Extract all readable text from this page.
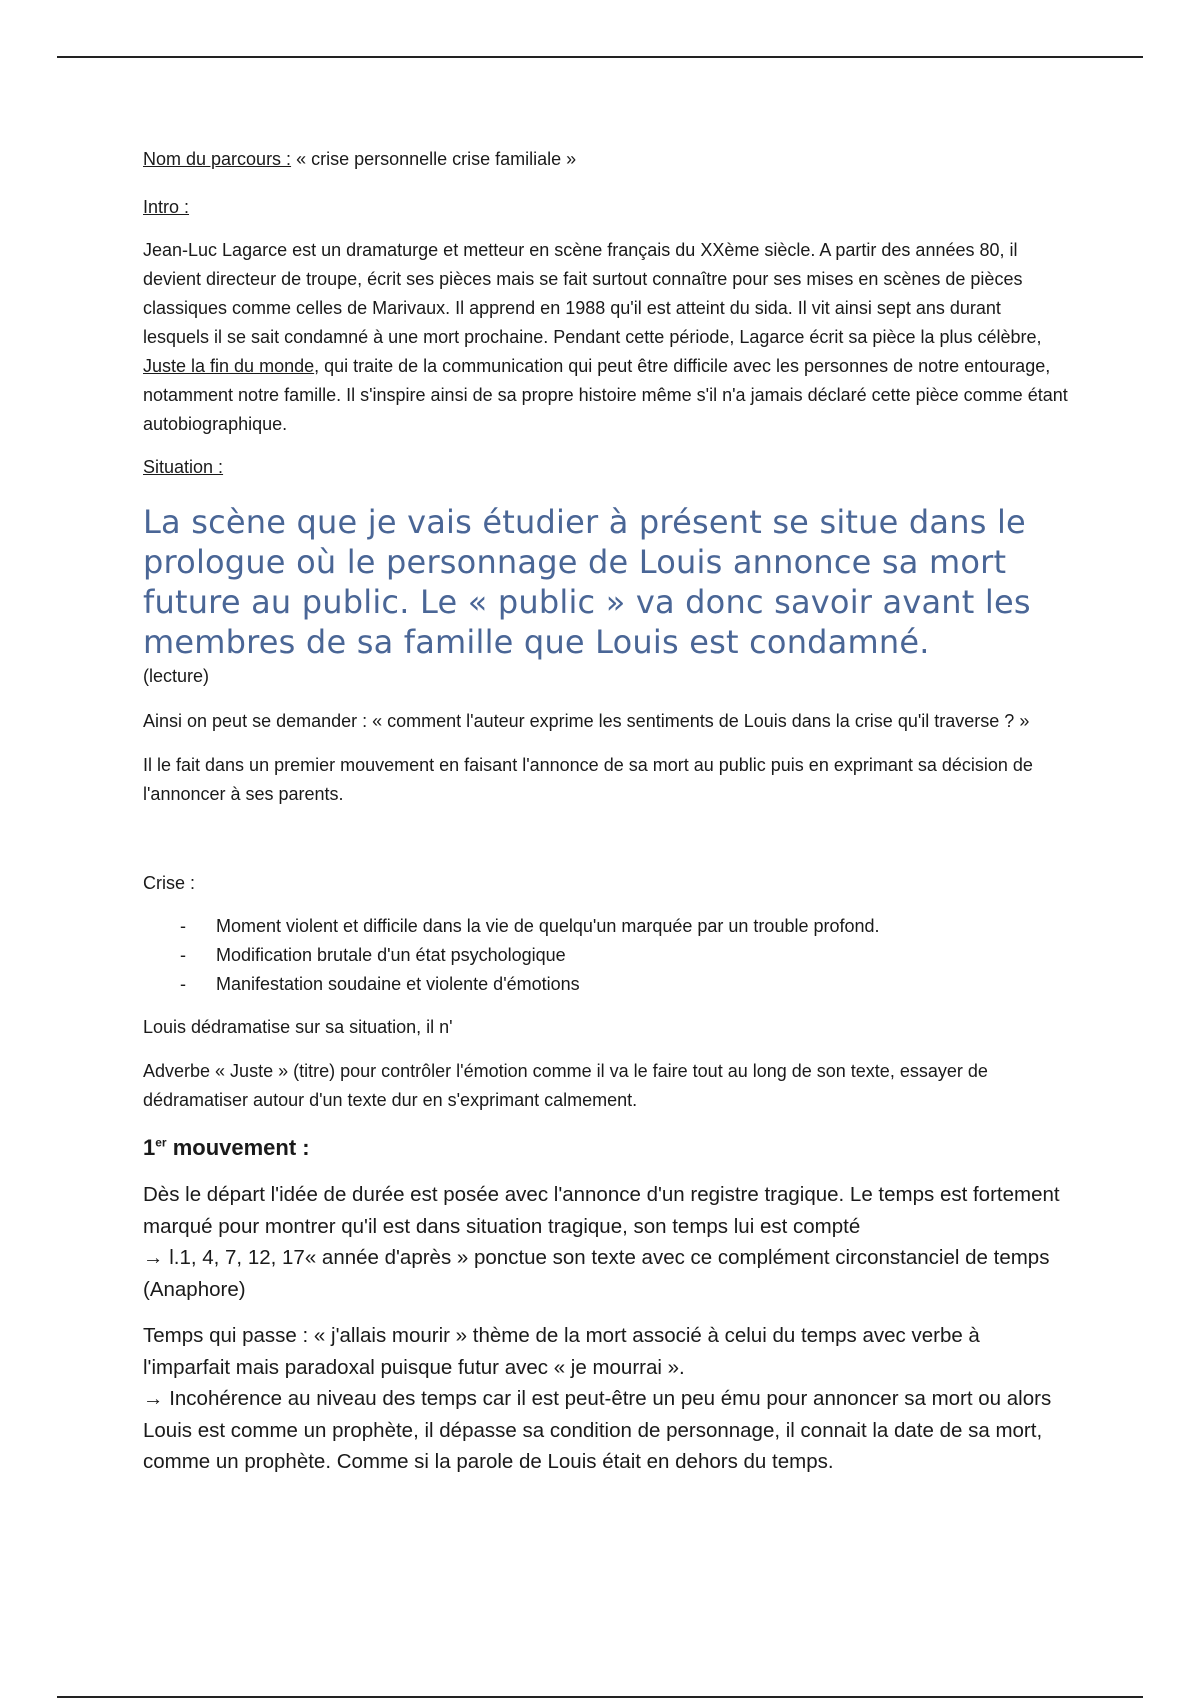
Nom du parcours : « crise personnelle crise familiale »

Intro :

Jean-Luc Lagarce est un dramaturge et metteur en scène français du XXème siècle. A partir des années 80, il devient directeur de troupe, écrit ses pièces mais se fait surtout connaître pour ses mises en scènes de pièces classiques comme celles de Marivaux. Il apprend en 1988 qu'il est atteint du sida. Il vit ainsi sept ans durant lesquels il se sait condamné à une mort prochaine. Pendant cette période, Lagarce écrit sa pièce la plus célèbre, Juste la fin du monde, qui traite de la communication qui peut être difficile avec les personnes de notre entourage, notamment notre famille. Il s'inspire ainsi de sa propre histoire même s'il n'a jamais déclaré cette pièce comme étant autobiographique.

Situation :

La scène que je vais étudier à présent se situe dans le prologue où le personnage de Louis annonce sa mort future au public. Le « public » va donc savoir avant les membres de sa famille que Louis est condamné.

(lecture)

Ainsi on peut se demander : « comment l'auteur exprime les sentiments de Louis dans la crise qu'il traverse ? »

Il le fait dans un premier mouvement en faisant l'annonce de sa mort au public puis en exprimant sa décision de l'annoncer à ses parents.

Crise :

- Moment violent et difficile dans la vie de quelqu'un marquée par un trouble profond.
- Modification brutale d'un état psychologique
- Manifestation soudaine et violente d'émotions

Louis dédramatise sur sa situation, il n'

Adverbe « Juste » (titre) pour contrôler l'émotion comme il va le faire tout au long de son texte, essayer de dédramatiser autour d'un texte dur en s'exprimant calmement.

1er mouvement :

Dès le départ l'idée de durée est posée avec l'annonce d'un registre tragique. Le temps est fortement marqué pour montrer qu'il est dans situation tragique, son temps lui est compté

→ l.1, 4, 7, 12, 17« année d'après » ponctue son texte avec ce complément circonstanciel de temps (Anaphore)

Temps qui passe : « j'allais mourir » thème de la mort associé à celui du temps avec verbe à l'imparfait mais paradoxal puisque futur avec « je mourrai ».

→ Incohérence au niveau des temps car il est peut-être un peu ému pour annoncer sa mort ou alors Louis est comme un prophète, il dépasse sa condition de personnage, il connait la date de sa mort, comme un prophète. Comme si la parole de Louis était en dehors du temps.
